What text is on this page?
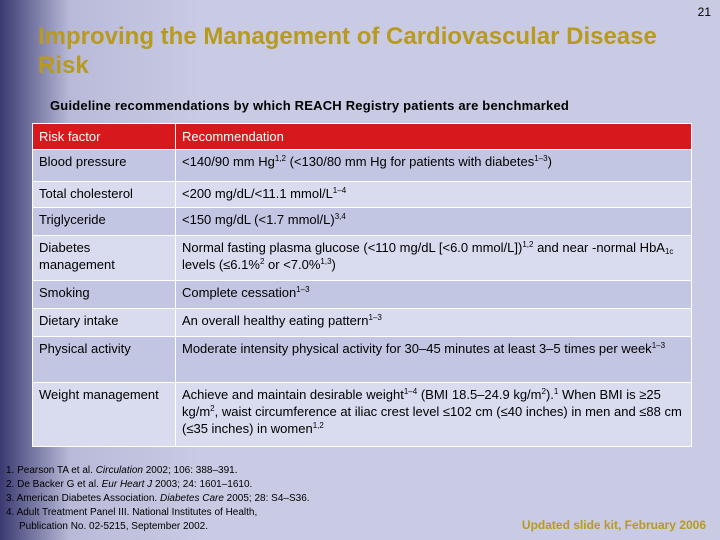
21
Improving the Management of Cardiovascular Disease Risk
Guideline recommendations by which REACH Registry patients are benchmarked
Risk factor	Recommendation
Blood pressure	<140/90 mm Hg$^{1,2}$ (<130/80 mm Hg for patients with diabetes$^{1-3}$)
Total cholesterol	<200 mg/dL/<11.1 mmol/$L^{1-4}$
Triglyceride	<150 mg/dL (<1.7 mmol/L)$^{3,4}$
Diabetes management	Normal fasting plasma glucose (<110 mg/dL [<6.0 mmol/L])$^{1,2}$ and near -normal HbA$_{1c}$ levels (≤6.1%$^2$ or <7.0%$^{1,3}$)
Smoking	Complete cessation$^{1-3}$
Dietary intake	An overall healthy eating pattern$^{1-3}$
Physical activity	Moderate intensity physical activity for 30–45 minutes at least 3–5 times per week$^{1-3}$
Weight management	Achieve and maintain desirable weight$^{1-4}$ (BMI 18.5–24.9 $kg/m^2).^1$ When BMI is ≥25 $kg/m^2$, waist circumference at iliac crest level ≤102 cm (≤40 inches) in men and ≤88 cm (≤35 inches) in women$^{1,2}$
1. Pearson TA et al. Circulation 2002; 106: 388–391.
2. De Backer G et al. Eur Heart J 2003; 24: 1601–1610.
3. American Diabetes Association. Diabetes Care 2005; 28: S4–S36.
4. Adult Treatment Panel III. National Institutes of Health,
Publication No. 02-5215, September 2002.	Updated slide kit, February 2006
